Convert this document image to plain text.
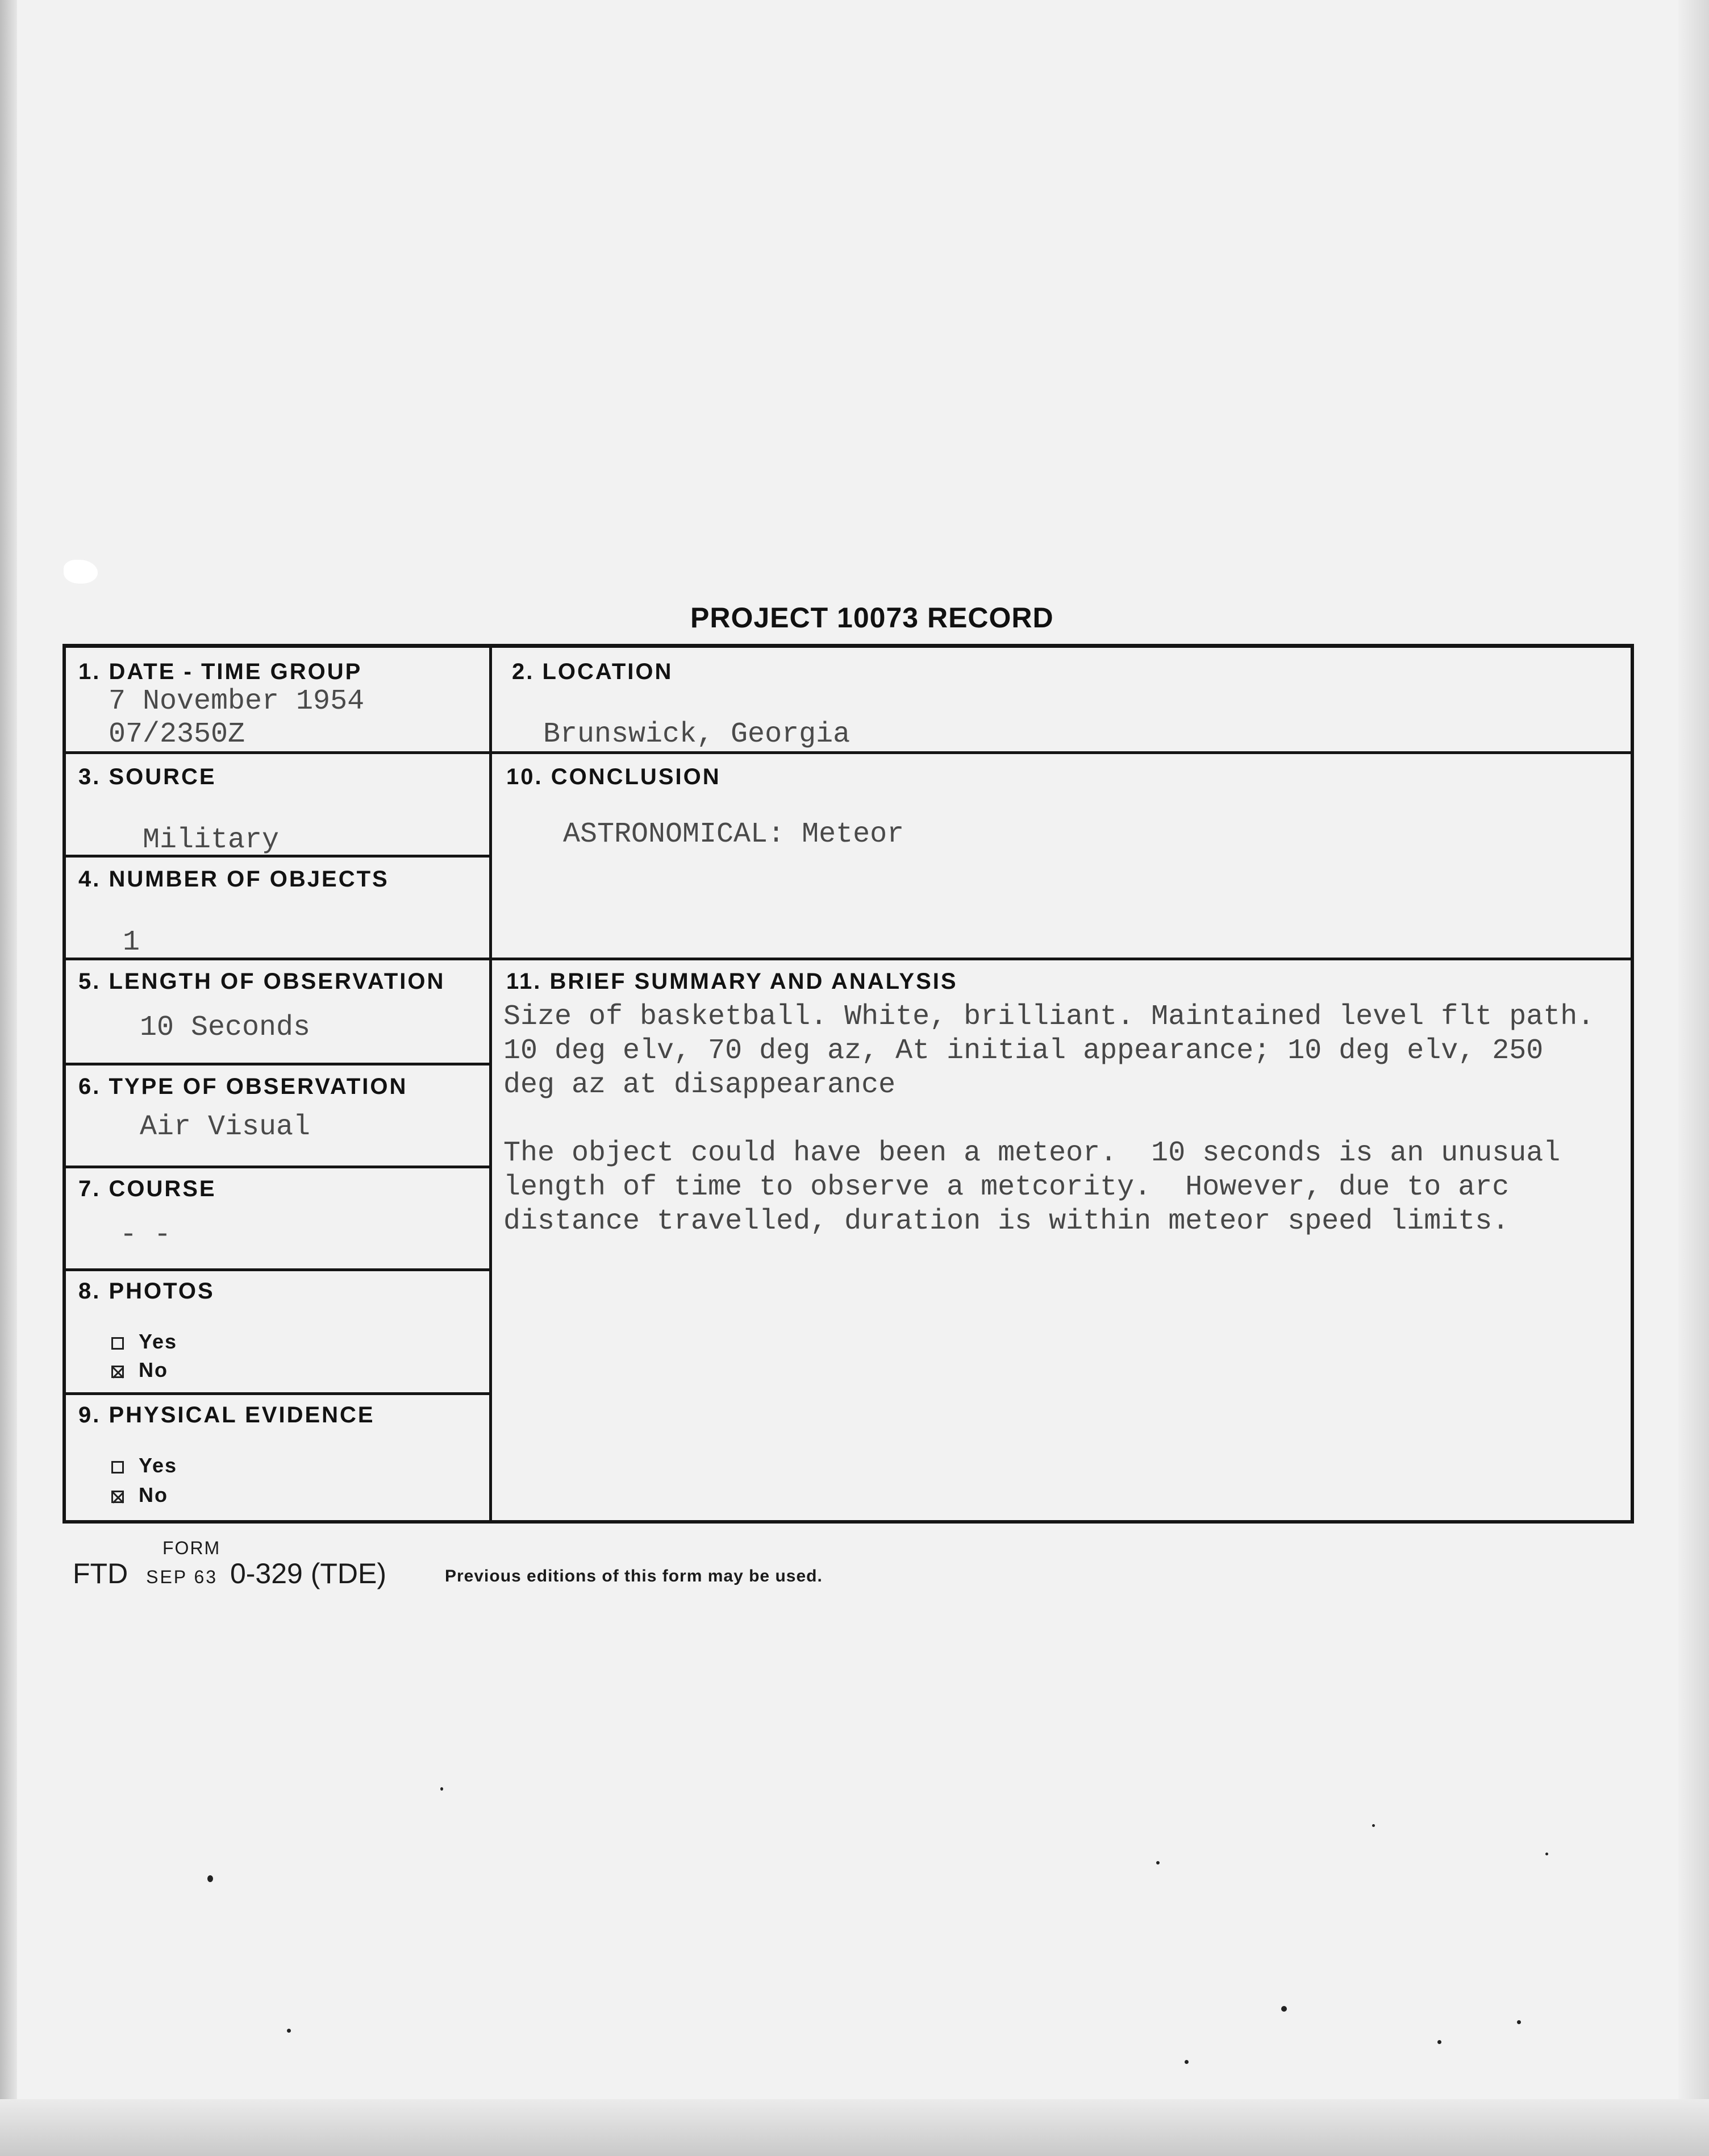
PROJECT 10073 RECORD
1. DATE - TIME GROUP
7 November 1954
07/2350Z
2. LOCATION
Brunswick, Georgia
3. SOURCE
Military
4. NUMBER OF OBJECTS
1
5. LENGTH OF OBSERVATION
10 Seconds
6. TYPE OF OBSERVATION
Air Visual
7. COURSE
- -
8. PHOTOS
Yes
No
9. PHYSICAL EVIDENCE
Yes
No
10. CONCLUSION
ASTRONOMICAL: Meteor
11. BRIEF SUMMARY AND ANALYSIS

Size of basketball. White, brilliant. Maintained level flt path.

10 deg elv, 70 deg az, At initial appearance; 10 deg elv, 250

deg az at disappearance

The object could have been a meteor.  10 seconds is an unusual

length of time to observe a metcority.  However, due to arc

distance travelled, duration is within meteor speed limits.

FORM
FTD SEP 63 0-329 (TDE)	Previous editions of this form may be used.
